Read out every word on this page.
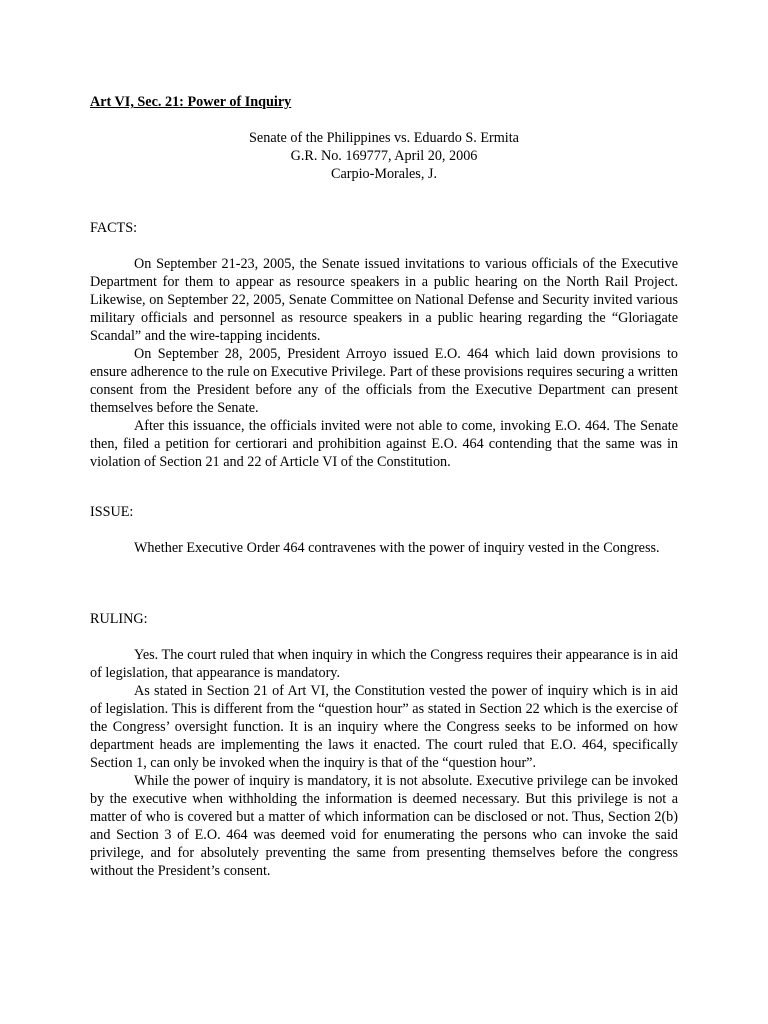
Art VI, Sec. 21: Power of Inquiry
Senate of the Philippines vs. Eduardo S. Ermita
G.R. No. 169777, April 20, 2006
Carpio-Morales, J.
FACTS:

On September 21-23, 2005, the Senate issued invitations to various officials of the Executive Department for them to appear as resource speakers in a public hearing on the North Rail Project. Likewise, on September 22, 2005, Senate Committee on National Defense and Security invited various military officials and personnel as resource speakers in a public hearing regarding the “Gloriagate Scandal” and the wire-tapping incidents.

On September 28, 2005, President Arroyo issued E.O. 464 which laid down provisions to ensure adherence to the rule on Executive Privilege. Part of these provisions requires securing a written consent from the President before any of the officials from the Executive Department can present themselves before the Senate.

After this issuance, the officials invited were not able to come, invoking E.O. 464. The Senate then, filed a petition for certiorari and prohibition against E.O. 464 contending that the same was in violation of Section 21 and 22 of Article VI of the Constitution.

ISSUE:

Whether Executive Order 464 contravenes with the power of inquiry vested in the Congress.

RULING:

Yes. The court ruled that when inquiry in which the Congress requires their appearance is in aid of legislation, that appearance is mandatory.

As stated in Section 21 of Art VI, the Constitution vested the power of inquiry which is in aid of legislation. This is different from the “question hour” as stated in Section 22 which is the exercise of the Congress’ oversight function. It is an inquiry where the Congress seeks to be informed on how department heads are implementing the laws it enacted. The court ruled that E.O. 464, specifically Section 1, can only be invoked when the inquiry is that of the “question hour”.

While the power of inquiry is mandatory, it is not absolute. Executive privilege can be invoked by the executive when withholding the information is deemed necessary. But this privilege is not a matter of who is covered but a matter of which information can be disclosed or not. Thus, Section 2(b) and Section 3 of E.O. 464 was deemed void for enumerating the persons who can invoke the said privilege, and for absolutely preventing the same from presenting themselves before the congress without the President’s consent.
